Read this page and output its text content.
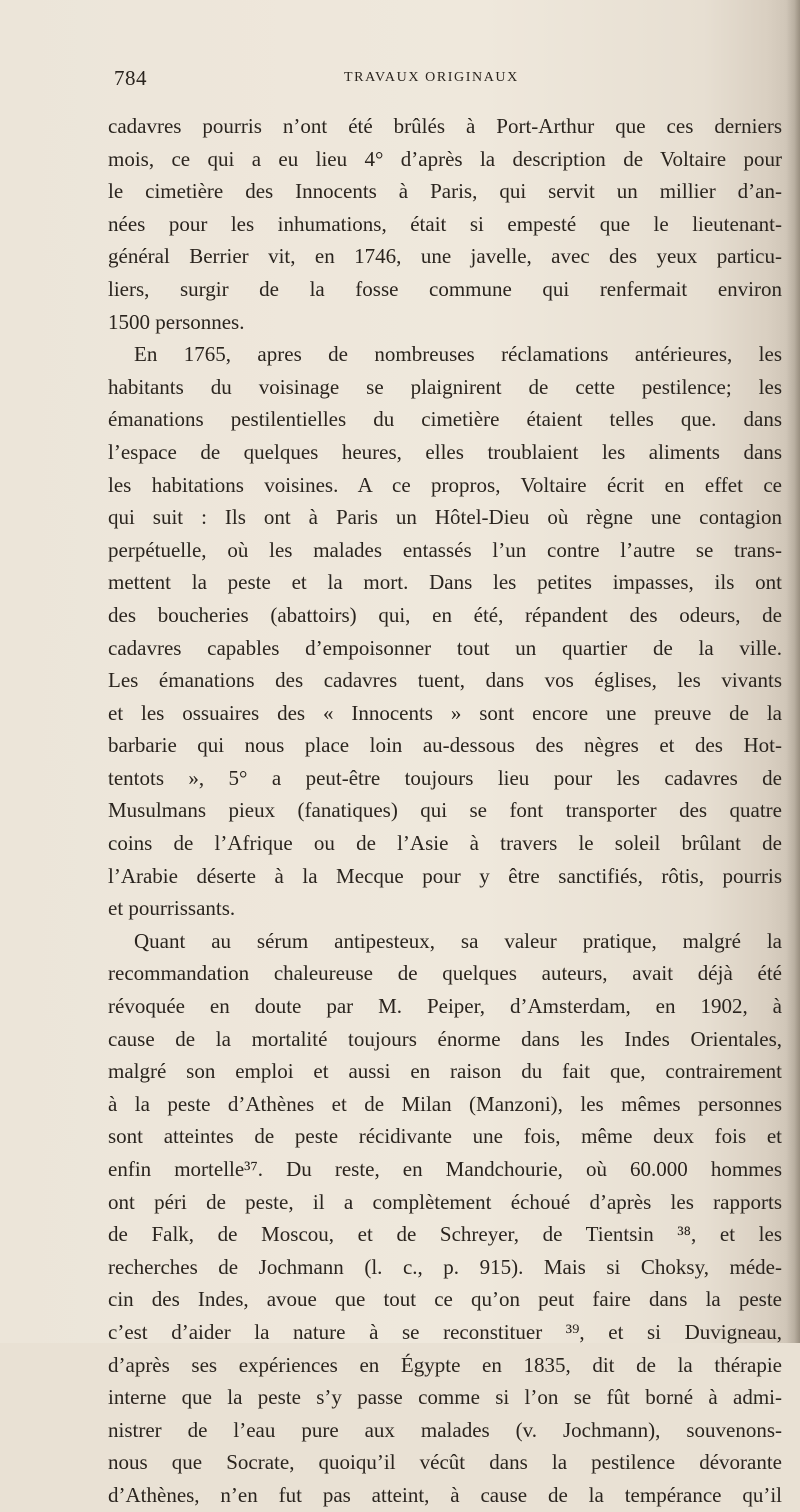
784	TRAVAUX ORIGINAUX
cadavres pourris n’ont été brûlés à Port-Arthur que ces derniers
mois, ce qui a eu lieu 4° d’après la description de Voltaire pour
le cimetière des Innocents à Paris, qui servit un millier d’an-
nées pour les inhumations, était si empesté que le lieutenant-
général Berrier vit, en 1746, une javelle, avec des yeux particu-
liers, surgir de la fosse commune qui renfermait environ
1500 personnes.
En 1765, apres de nombreuses réclamations antérieures, les
habitants du voisinage se plaignirent de cette pestilence; les
émanations pestilentielles du cimetière étaient telles que. dans
l’espace de quelques heures, elles troublaient les aliments dans
les habitations voisines. A ce propros, Voltaire écrit en effet ce
qui suit : Ils ont à Paris un Hôtel-Dieu où règne une contagion
perpétuelle, où les malades entassés l’un contre l’autre se trans-
mettent la peste et la mort. Dans les petites impasses, ils ont
des boucheries (abattoirs) qui, en été, répandent des odeurs, de
cadavres capables d’empoisonner tout un quartier de la ville.
Les émanations des cadavres tuent, dans vos églises, les vivants
et les ossuaires des « Innocents » sont encore une preuve de la
barbarie qui nous place loin au-dessous des nègres et des Hot-
tentots », 5° a peut-être toujours lieu pour les cadavres de
Musulmans pieux (fanatiques) qui se font transporter des quatre
coins de l’Afrique ou de l’Asie à travers le soleil brûlant de
l’Arabie déserte à la Mecque pour y être sanctifiés, rôtis, pourris
et pourrissants.
Quant au sérum antipesteux, sa valeur pratique, malgré la
recommandation chaleureuse de quelques auteurs, avait déjà été
révoquée en doute par M. Peiper, d’Amsterdam, en 1902, à
cause de la mortalité toujours énorme dans les Indes Orientales,
malgré son emploi et aussi en raison du fait que, contrairement
à la peste d’Athènes et de Milan (Manzoni), les mêmes personnes
sont atteintes de peste récidivante une fois, même deux fois et
enfin mortelle³⁷. Du reste, en Mandchourie, où 60.000 hommes
ont péri de peste, il a complètement échoué d’après les rapports
de Falk, de Moscou, et de Schreyer, de Tientsin ³⁸, et les
recherches de Jochmann (l. c., p. 915). Mais si Choksy, méde-
cin des Indes, avoue que tout ce qu’on peut faire dans la peste
c’est d’aider la nature à se reconstituer ³⁹, et si Duvigneau,
d’après ses expériences en Égypte en 1835, dit de la thérapie
interne que la peste s’y passe comme si l’on se fût borné à admi-
nistrer de l’eau pure aux malades (v. Jochmann), souvenons-
nous que Socrate, quoiqu’il vécût dans la pestilence dévorante
d’Athènes, n’en fut pas atteint, à cause de la tempérance qu’il
